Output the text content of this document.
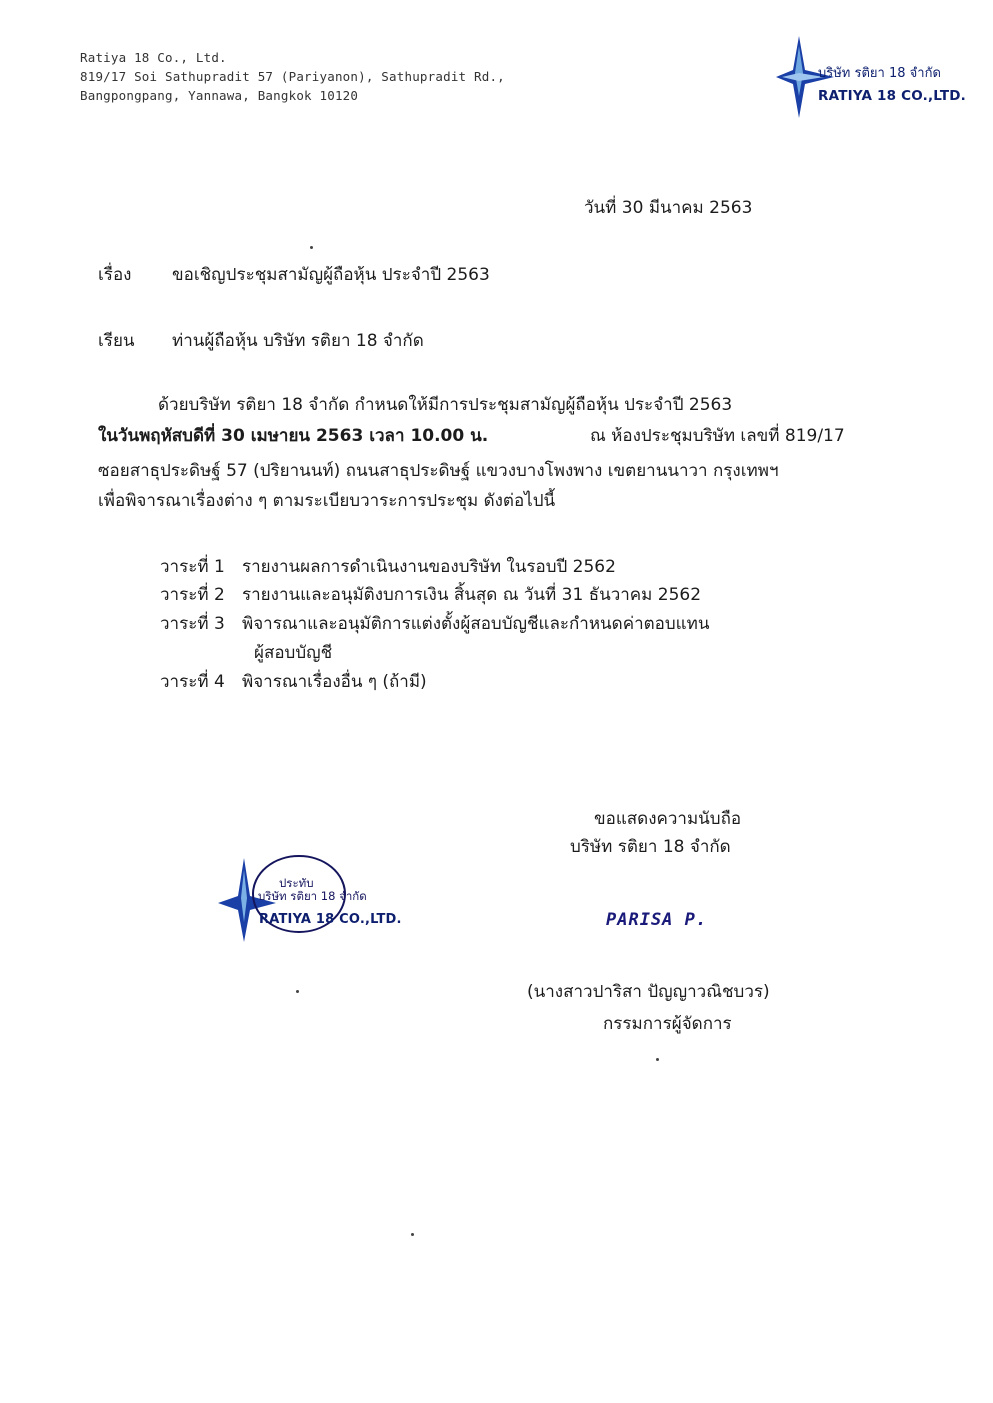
Ratiya 18 Co., Ltd.
819/17 Soi Sathupradit 57 (Pariyanon), Sathupradit Rd.,
Bangpongpang, Yannawa, Bangkok 10120
บริษัท รติยา 18 จำกัด
RATIYA 18 CO.,LTD.
วันที่ 30 มีนาคม 2563
เรื่อง ขอเชิญประชุมสามัญผู้ถือหุ้น ประจำปี 2563
เรียน ท่านผู้ถือหุ้น บริษัท รติยา 18 จำกัด
ด้วยบริษัท รติยา 18 จำกัด กำหนดให้มีการประชุมสามัญผู้ถือหุ้น ประจำปี 2563
ในวันพฤหัสบดีที่ 30 เมษายน 2563 เวลา 10.00 น.	ณ ห้องประชุมบริษัท เลขที่ 819/17
ซอยสาธุประดิษฐ์ 57 (ปริยานนท์) ถนนสาธุประดิษฐ์ แขวงบางโพงพาง เขตยานนาวา กรุงเทพฯ
เพื่อพิจารณาเรื่องต่าง ๆ ตามระเบียบวาระการประชุม ดังต่อไปนี้
วาระที่ 1 รายงานผลการดำเนินงานของบริษัท ในรอบปี 2562
วาระที่ 2 รายงานและอนุมัติงบการเงิน สิ้นสุด ณ วันที่ 31 ธันวาคม 2562
วาระที่ 3 พิจารณาและอนุมัติการแต่งตั้งผู้สอบบัญชีและกำหนดค่าตอบแทน
ผู้สอบบัญชี
วาระที่ 4 พิจารณาเรื่องอื่น ๆ (ถ้ามี)
ขอแสดงความนับถือ
บริษัท รติยา 18 จำกัด
ประทับ
บริษัท รติยา 18 จำกัด
RATIYA 18 CO.,LTD.	PARISA P.
(นางสาวปาริสา ปัญญาวณิชบวร)
กรรมการผู้จัดการ
